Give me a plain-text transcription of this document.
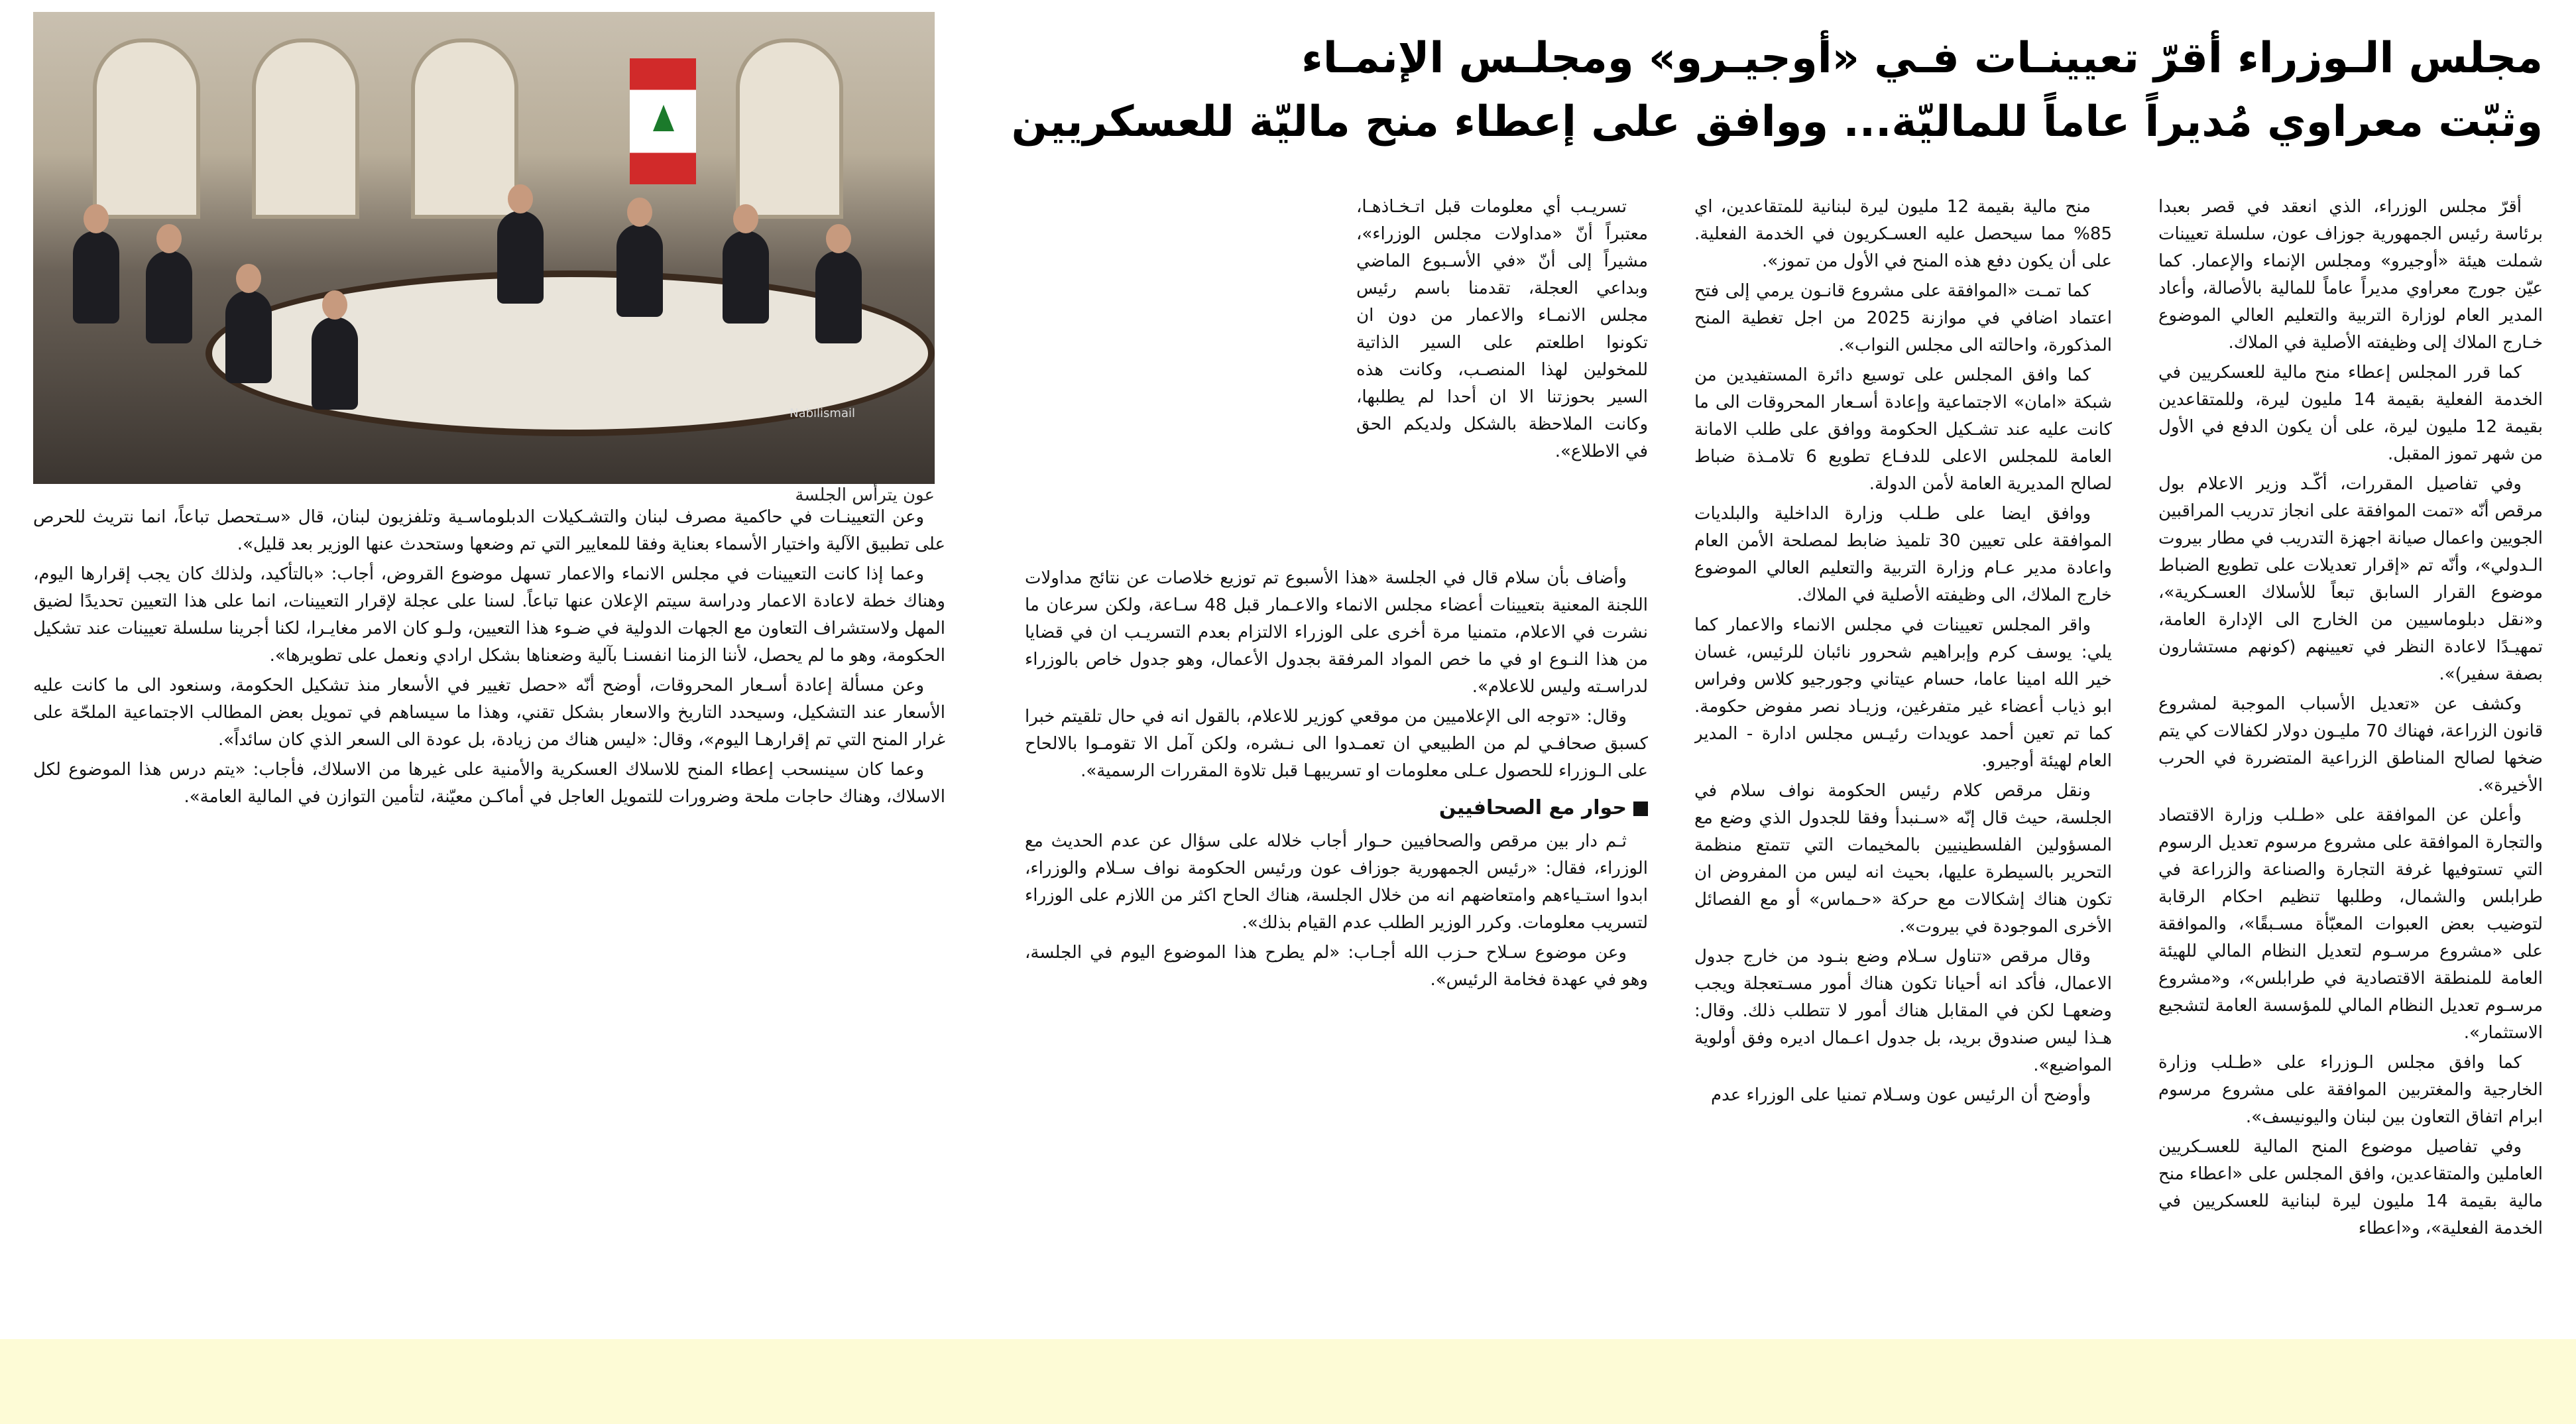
Nabilismail
عون يترأس الجلسة
مجلس الـوزراء أقرّ تعيينـات فـي «أوجيـرو» ومجلـس الإنمـاء
وثبّت معراوي مُديراً عاماً للماليّة... ووافق على إعطاء منح ماليّة للعسكريين

أقرّ مجلس الوزراء، الذي انعقد في قصر بعبدا برئاسة رئيس الجمهورية جوزاف عون، سلسلة تعيينات شملت هيئة «أوجيرو» ومجلس الإنماء والإعمار. كما عيّن جورج معراوي مديراً عاماً للمالية بالأصالة، وأعاد المدير العام لوزارة التربية والتعليم العالي الموضوع خـارج الملاك إلى وظيفته الأصلية في الملاك.

كما قرر المجلس إعطاء منح مالية للعسكريين في الخدمة الفعلية بقيمة 14 مليون ليرة، وللمتقاعدين بقيمة 12 مليون ليرة، على أن يكون الدفع في الأول من شهر تموز المقبل.

وفي تفاصيل المقررات، أكّـد وزير الاعلام بول مرقص أنّه «تمت الموافقة على انجاز تدريب المراقبين الجويين واعمال صيانة اجهزة التدريب في مطار بيروت الـدولي»، وأنّه تم «إقرار تعديلات على تطويع الضباط موضوع القرار السابق تبعاً للأسلاك العسـكرية»، و«نقل دبلوماسيين من الخارج الى الإدارة العامة، تمهيـدًا لاعادة النظر في تعيينهم (كونهم مستشارون بصفة سفير)».

وكشف عن «تعديل الأسباب الموجبة لمشروع قانون الزراعة، فهناك 70 مليـون دولار لكفالات كي يتم ضخها لصالح المناطق الزراعية المتضررة في الحرب الأخيرة».

وأعلن عن الموافقة على «طـلب وزارة الاقتصاد والتجارة الموافقة على مشروع مرسوم تعديل الرسوم التي تستوفيها غرفة التجارة والصناعة والزراعة في طرابلس والشمال، وطلبها تنظيم احكام الرقابة لتوضيب بعض العبوات المعبّأة مسـبقًا»، والموافقة على «مشروع مرسـوم لتعديل النظام المالي للهيئة العامة للمنطقة الاقتصادية في طرابلس»، و«مشروع مرسـوم تعديل النظام المالي للمؤسسة العامة لتشجيع الاستثمار».

كما وافق مجلس الـوزراء على «طـلب وزارة الخارجية والمغتربين الموافقة على مشروع مرسوم ابرام اتفاق التعاون بين لبنان واليونيسف».

وفي تفاصيل موضوع المنح المالية للعسـكريين العاملين والمتقاعدين، وافق المجلس على «اعطاء منح مالية بقيمة 14 مليون ليرة لبنانية للعسكريين في الخدمة الفعلية»، و«اعطاء

منح مالية بقيمة 12 مليون ليرة لبنانية للمتقاعدين، اي 85% مما سيحصل عليه العسـكريون في الخدمة الفعلية. على أن يكون دفع هذه المنح في الأول من تموز».

كما تمـت «الموافقة على مشروع قانـون يرمي إلى فتح اعتماد اضافي في موازنة 2025 من اجل تغطية المنح المذكورة، واحالته الى مجلس النواب».

كما وافق المجلس على توسيع دائرة المستفيدين من شبكة «امان» الاجتماعية وإعادة أسـعار المحروقات الى ما كانت عليه عند تشـكيل الحكومة ووافق على طلب الامانة العامة للمجلس الاعلى للدفـاع تطويع 6 تلامـذة ضباط لصالح المديرية العامة لأمن الدولة.

ووافق ايضا على طـلب وزارة الداخلية والبلديات الموافقة على تعيين 30 تلميذ ضابط لمصلحة الأمن العام واعادة مدير عـام وزارة التربية والتعليم العالي الموضوع خارج الملاك، الى وظيفته الأصلية في الملاك.

واقر المجلس تعيينات في مجلس الانماء والاعمار كما يلي: يوسف كرم وإبراهيم شحرور نائبان للرئيس، غسان خير الله امينا عاما، حسام عيتاني وجورجيو كلاس وفراس ابو ذياب أعضاء غير متفرغين، وزيـاد نصر مفوض حكومة. كما تم تعين أحمد عويدات رئيـس مجلس ادارة - المدير العام لهيئة أوجيرو.

ونقل مرقص كلام رئيس الحكومة نواف سلام في الجلسة، حيث قال إنّه «سـنبدأ وفقا للجدول الذي وضع مع المسؤولين الفلسطينيين بالمخيمات التي تتمتع منظمة التحرير بالسيطرة عليها، بحيث انه ليس من المفروض ان تكون هناك إشكالات مع حركة «حـماس» أو مع الفصائل الأخرى الموجودة في بيروت».

وقال مرقص «تناول سـلام وضع بنـود من خارج جدول الاعمال، فأكد انه أحيانا تكون هناك أمور مسـتعجلة ويجب وضعهـا لكن في المقابل هناك أمور لا تتطلب ذلك. وقال: هـذا ليس صندوق بريد، بل جدول اعـمال اديره وفق أولوية المواضيع».

وأوضح أن الرئيس عون وسـلام تمنيا على الوزراء عدم

تسريـب أي معلومات قبل اتـخـاذهـا، معتبراً أنّ «مداولات مجلس الوزراء»، مشيراً إلى أنّ «في الأسـبوع الماضي وبداعي العجلة، تقدمنا باسم رئيس مجلس الانمـاء والاعمار من دون ان تكونوا اطلعتم على السير الذاتية للمخولين لهذا المنصـب، وكانت هذه السير بحوزتنا الا ان أحدا لم يطلبها، وكانت الملاحظة بالشكل ولديكم الحق في الاطلاع».

وأضاف بأن سلام قال في الجلسة «هذا الأسبوع تم توزيع خلاصات عن نتائج مداولات اللجنة المعنية بتعيينات أعضاء مجلس الانماء والاعـمار قبل 48 سـاعة، ولكن سرعان ما نشرت في الاعلام، متمنيا مرة أخرى على الوزراء الالتزام بعدم التسريـب ان في قضايا من هذا النـوع او في ما خص المواد المرفقة بجدول الأعمال، وهو جدول خاص بالوزراء لدراسـته وليس للاعلام».

وقال: «توجه الى الإعلاميين من موقعي كوزير للاعلام، بالقول انه في حال تلقيتم خبرا كسبق صحافـي لم من الطبيعي ان تعمـدوا الى نـشره، ولكن آمل الا تقومـوا بالالحاح على الـوزراء للحصول عـلى معلومات او تسريبهـا قبل تلاوة المقررات الرسمية».

حوار مع الصحافيين

ثـم دار بين مرقص والصحافيين حـوار أجاب خلاله على سؤال عن عدم الحديث مع الوزراء، فقال: «رئيس الجمهورية جوزاف عون ورئيس الحكومة نواف سـلام والوزراء، ابدوا استـياءهم وامتعاضهم انه من خلال الجلسة، هناك الحاح اكثر من اللازم على الوزراء لتسريب معلومات. وكرر الوزير الطلب عدم القيام بذلك».

وعن موضوع سـلاح حـزب الله أجـاب: «لم يطرح هذا الموضوع اليوم في الجلسة، وهو في عهدة فخامة الرئيس».

وعن التعيينـات في حاكمية مصرف لبنان والتشـكيلات الدبلوماسـية وتلفزيون لبنان، قال «سـتحصل تباعاً، انما نتريث للحرص على تطبيق الآلية واختيار الأسماء بعناية وفقا للمعايير التي تم وضعها وستحدث عنها الوزير بعد قليل».

وعما إذا كانت التعيينات في مجلس الانماء والاعمار تسهل موضوع القروض، أجاب: «بالتأكيد، ولذلك كان يجب إقرارها اليوم، وهناك خطة لاعادة الاعمار ودراسة سيتم الإعلان عنها تباعاً. لسنا على عجلة لإقرار التعيينات، انما على هذا التعيين تحديدًا لضيق المهل ولاستشراف التعاون مع الجهات الدولية في ضـوء هذا التعيين، ولـو كان الامر مغايـرا، لكنا أجرينا سلسلة تعيينات عند تشكيل الحكومة، وهو ما لم يحصل، لأننا الزمنا انفسنـا بآلية وضعناها بشكل ارادي ونعمل على تطويرها».

وعن مسألة إعادة أسـعار المحروقات، أوضح أنّه «حصل تغيير في الأسعار منذ تشكيل الحكومة، وسنعود الى ما كانت عليه الأسعار عند التشكيل، وسيحدد التاريخ والاسعار بشكل تقني، وهذا ما سيساهم في تمويل بعض المطالب الاجتماعية الملحّة على غرار المنح التي تم إقرارهـا اليوم»، وقال: «ليس هناك من زيادة، بل عودة الى السعر الذي كان سائداً».

وعما كان سينسحب إعطاء المنح للاسلاك العسكرية والأمنية على غيرها من الاسلاك، فأجاب: «يتم درس هذا الموضوع لكل الاسلاك، وهناك حاجات ملحة وضرورات للتمويل العاجل في أماكـن معيّنة، لتأمين التوازن في المالية العامة».
